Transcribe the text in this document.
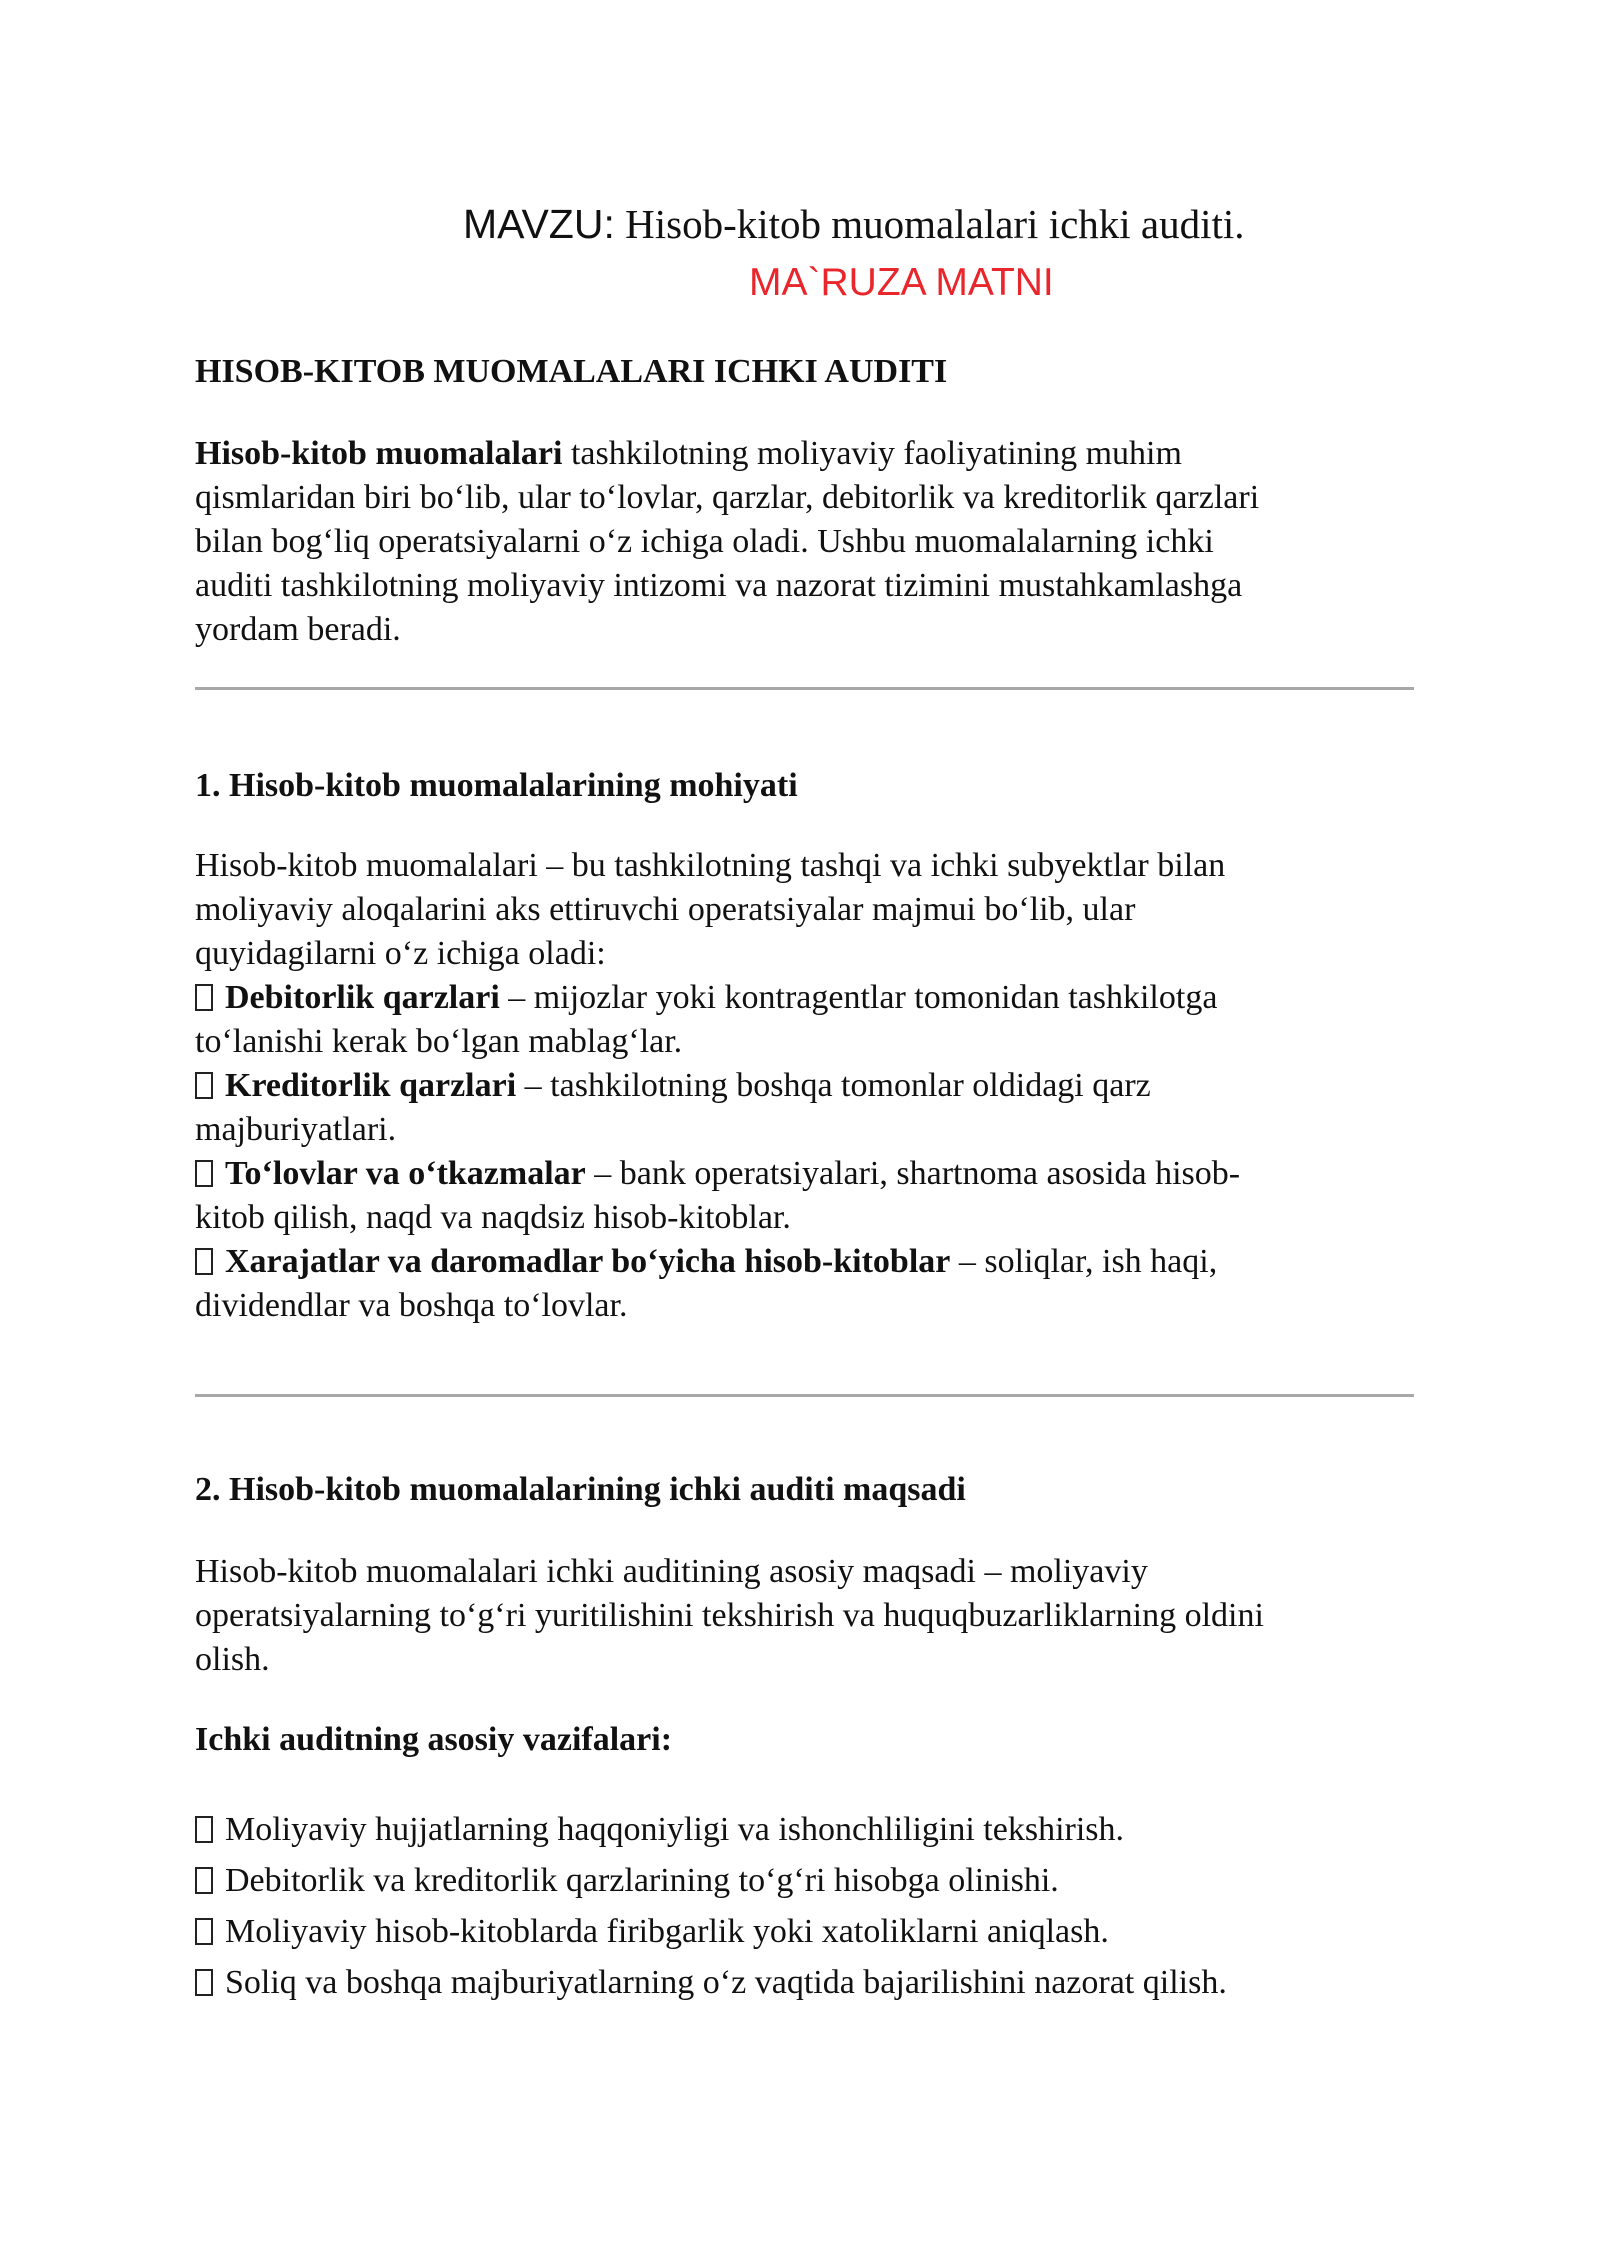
MAVZU: Hisob-kitob muomalalari ichki auditi.
MA`RUZA MATNI
HISOB-KITOB MUOMALALARI ICHKI AUDITI

Hisob-kitob muomalalari tashkilotning moliyaviy faoliyatining muhim

qismlaridan biri bo‘lib, ular to‘lovlar, qarzlar, debitorlik va kreditorlik qarzlari

bilan bog‘liq operatsiyalarni o‘z ichiga oladi. Ushbu muomalalarning ichki

auditi tashkilotning moliyaviy intizomi va nazorat tizimini mustahkamlashga

yordam beradi.

1. Hisob-kitob muomalalarining mohiyati

Hisob-kitob muomalalari – bu tashkilotning tashqi va ichki subyektlar bilan

moliyaviy aloqalarini aks ettiruvchi operatsiyalar majmui bo‘lib, ular

quyidagilarni o‘z ichiga oladi:

Debitorlik qarzlari – mijozlar yoki kontragentlar tomonidan tashkilotga

to‘lanishi kerak bo‘lgan mablag‘lar.

Kreditorlik qarzlari – tashkilotning boshqa tomonlar oldidagi qarz

majburiyatlari.

To‘lovlar va o‘tkazmalar – bank operatsiyalari, shartnoma asosida hisob-

kitob qilish, naqd va naqdsiz hisob-kitoblar.

Xarajatlar va daromadlar bo‘yicha hisob-kitoblar – soliqlar, ish haqi,

dividendlar va boshqa to‘lovlar.

2. Hisob-kitob muomalalarining ichki auditi maqsadi

Hisob-kitob muomalalari ichki auditining asosiy maqsadi – moliyaviy

operatsiyalarning to‘g‘ri yuritilishini tekshirish va huquqbuzarliklarning oldini

olish.

Ichki auditning asosiy vazifalari:

Moliyaviy hujjatlarning haqqoniyligi va ishonchliligini tekshirish.

Debitorlik va kreditorlik qarzlarining to‘g‘ri hisobga olinishi.

Moliyaviy hisob-kitoblarda firibgarlik yoki xatoliklarni aniqlash.

Soliq va boshqa majburiyatlarning o‘z vaqtida bajarilishini nazorat qilish.
